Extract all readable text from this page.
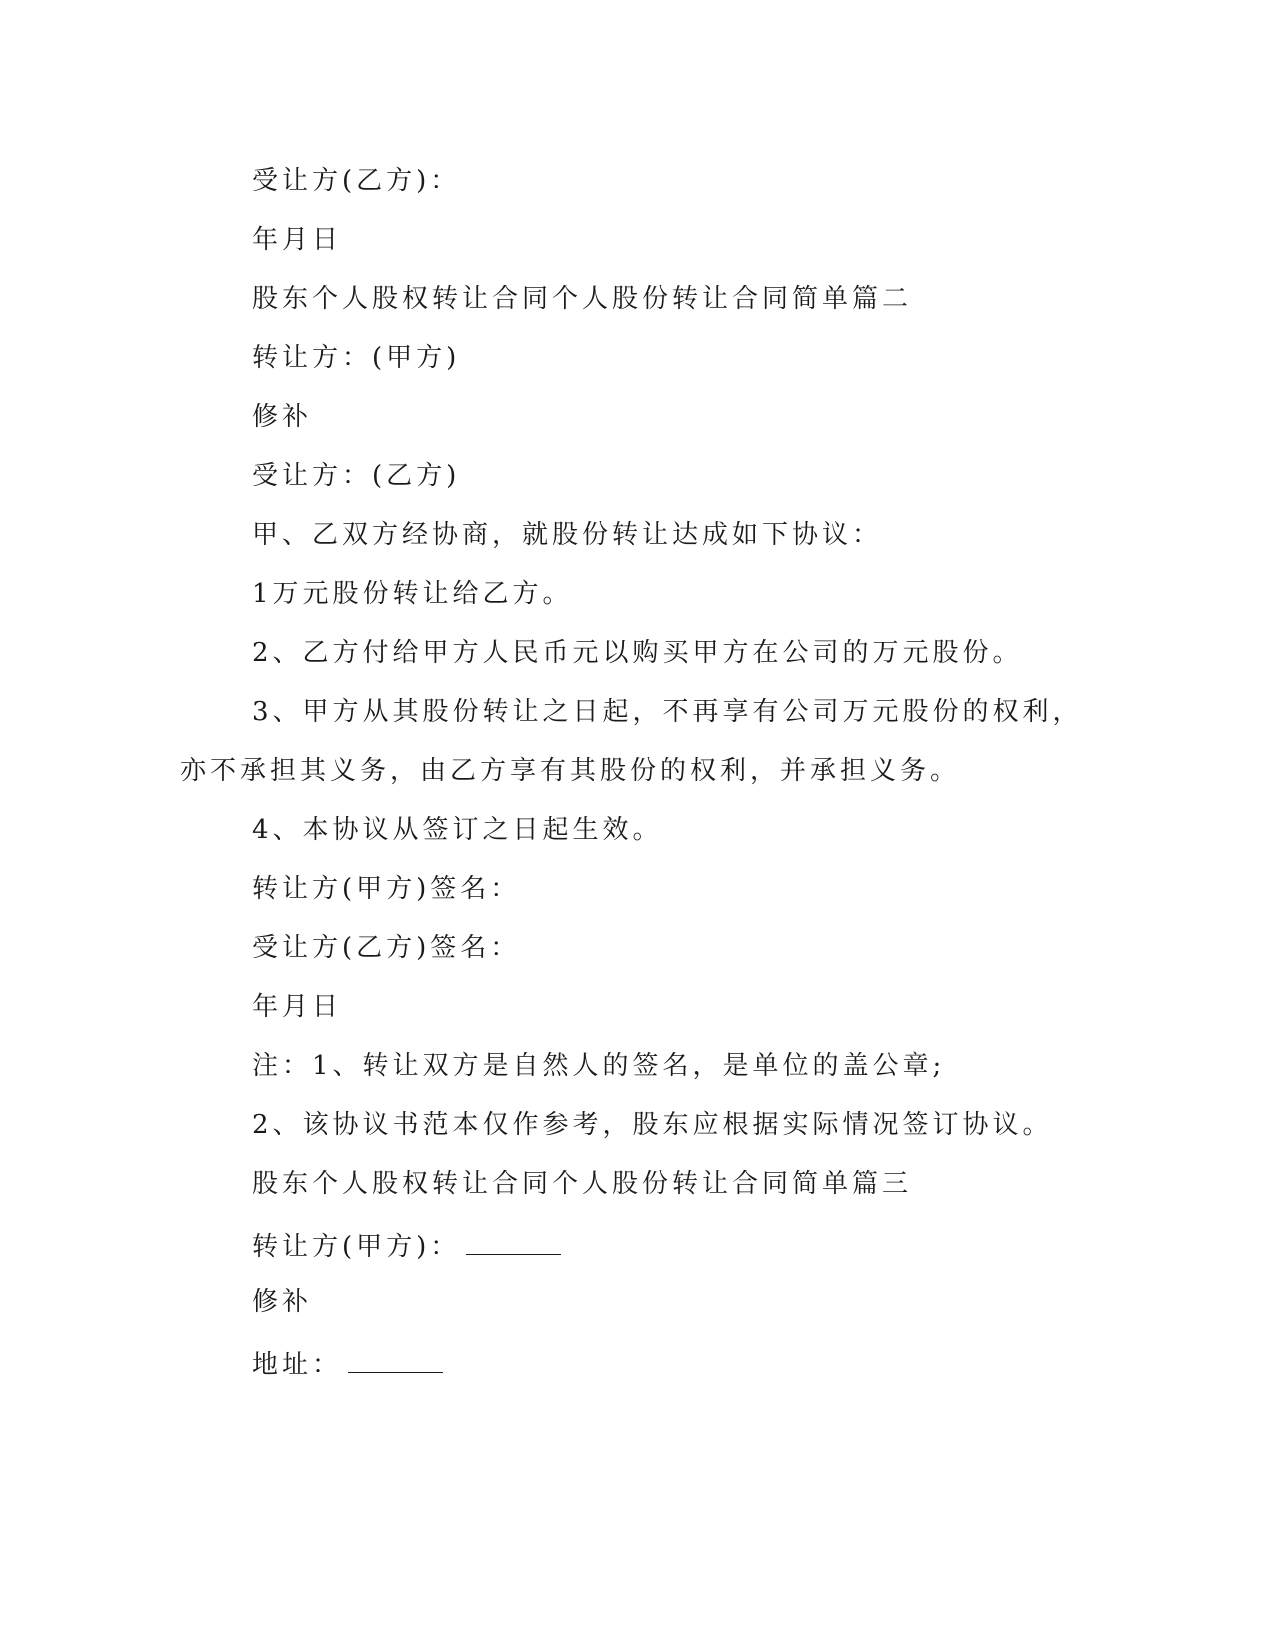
受让方(乙方)：
年月日
股东个人股权转让合同个人股份转让合同简单篇二
转让方：(甲方)
修补
受让方：(乙方)
甲、乙双方经协商，就股份转让达成如下协议：
1万元股份转让给乙方。
2、乙方付给甲方人民币元以购买甲方在公司的万元股份。
3、甲方从其股份转让之日起，不再享有公司万元股份的权利，
亦不承担其义务，由乙方享有其股份的权利，并承担义务。
4、本协议从签订之日起生效。
转让方(甲方)签名：
受让方(乙方)签名：
年月日
注：1、转让双方是自然人的签名，是单位的盖公章;
2、该协议书范本仅作参考，股东应根据实际情况签订协议。
股东个人股权转让合同个人股份转让合同简单篇三
转让方(甲方)：
修补
地址：
